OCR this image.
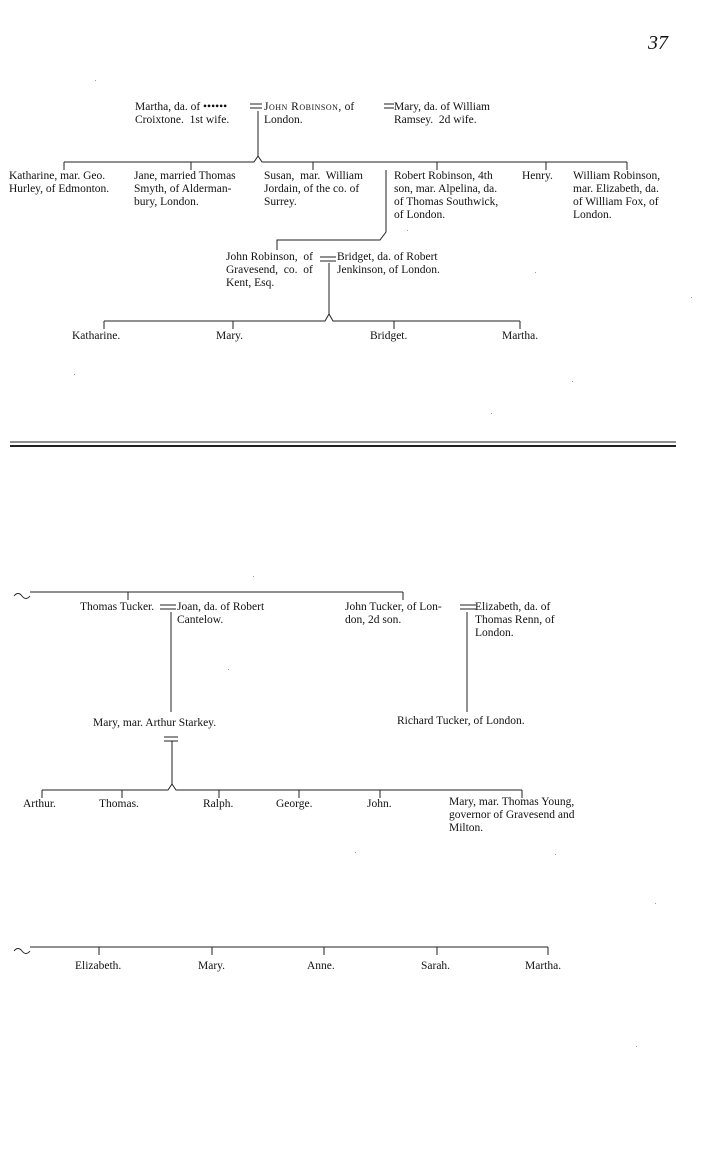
37
Martha, da. of ••••••
Croixtone.  1st wife.
John Robinson, of
London.
Mary, da. of William
Ramsey.  2d wife.
Katharine, mar. Geo.
Hurley, of Edmonton.
Jane, married Thomas
Smyth, of Alderman-
bury, London.
Susan,  mar.  William
Jordain, of the co. of
Surrey.
Robert Robinson, 4th
son, mar. Alpelina, da.
of Thomas Southwick,
of London.
Henry. William Robinson,
mar. Elizabeth, da.
of William Fox, of
London.
John Robinson,  of
Gravesend,  co.  of
Kent, Esq.
Bridget, da. of Robert
Jenkinson, of London.
Katharine.	Mary.	Bridget.	Martha.
Thomas Tucker. Joan, da. of Robert
Cantelow.
John Tucker, of Lon-
don, 2d son.
Elizabeth, da. of
Thomas Renn, of
London.
Mary, mar. Arthur Starkey.	Richard Tucker, of London.
Arthur.	Thomas.	Ralph.	George.	John.	Mary, mar. Thomas Young,
governor of Gravesend and
Milton.
Elizabeth.	Mary.	Anne.	Sarah.	Martha.
